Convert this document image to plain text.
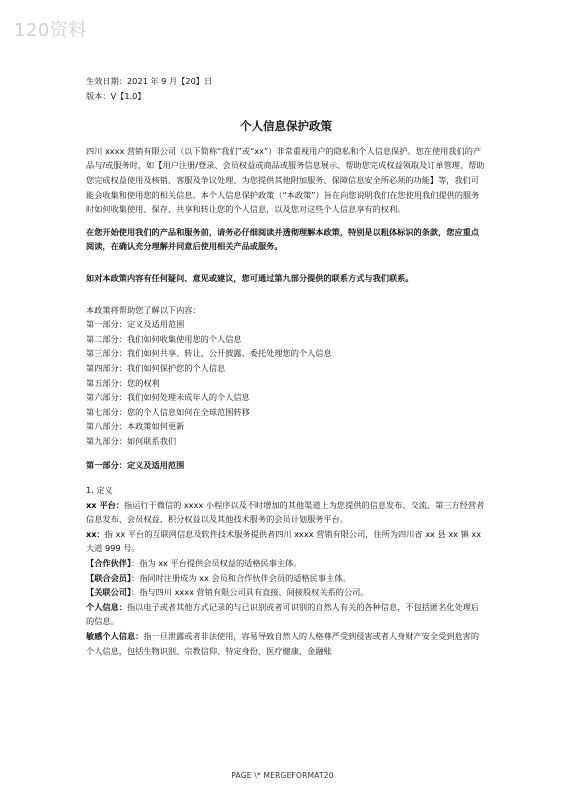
120资料
生效日期：2021 年 9 月【20】日
版本：V【1.0】
个人信息保护政策

四川 xxxx 营销有限公司（以下简称“我们”或“xx”）非常重视用户的隐私和个人信息保护。您在使用我们的产品与/或服务时，如【用户注册/登录、会员权益或商品或服务信息展示、帮助您完成权益领取及订单管理、帮助您完成权益使用及核销、客服及争议处理、为您提供其他附加服务、保障信息安全所必须的功能】等，我们可能会收集和使用您的相关信息。本个人信息保护政策（“本政策”）旨在向您说明我们在您使用我们提供的服务时如何收集使用、保存、共享和转让您的个人信息，以及您对这些个人信息享有的权利。

在您开始使用我们的产品和服务前，请务必仔细阅读并透彻理解本政策，特别是以粗体标识的条款，您应重点阅读，在确认充分理解并同意后使用相关产品或服务。

如对本政策内容有任何疑问、意见或建议，您可通过第九部分提供的联系方式与我们联系。

本政策将帮助您了解以下内容：
第一部分：定义及适用范围
第二部分：我们如何收集使用您的个人信息
第三部分：我们如何共享、转让、公开披露、委托处理您的个人信息
第四部分：我们如何保护您的个人信息
第五部分：您的权利
第六部分：我们如何处理未成年人的个人信息
第七部分：您的个人信息如何在全球范围转移
第八部分：本政策如何更新
第九部分：如何联系我们
第一部分：定义及适用范围
1. 定义

xx 平台：指运行于微信的 xxxx 小程序以及不时增加的其他渠道上为您提供的信息发布、交流、第三方经营者信息发布、会员权益、积分权益以及其他技术服务的会员计划服务平台。

xx：指 xx 平台的互联网信息及软件技术服务提供者四川 xxxx 营销有限公司，住所为四川省 xx 县 xx 镇 xx 大道 999 号。

【合作伙伴】：指为 xx 平台提供会员权益的适格民事主体。

【联合会员】：指同时注册成为 xx 会员和合作伙伴会员的适格民事主体。

【关联公司】：指与四川 xxxx 营销有限公司具有直接、间接股权关系的公司。

个人信息：指以电子或者其他方式记录的与已识别或者可识别的自然人有关的各种信息，不包括匿名化处理后的信息。

敏感个人信息：指一旦泄露或者非法使用，容易导致自然人的人格尊严受到侵害或者人身财产安全受到危害的个人信息，包括生物识别、宗教信仰、特定身份、医疗健康、金融账

PAGE \* MERGEFORMAT20
